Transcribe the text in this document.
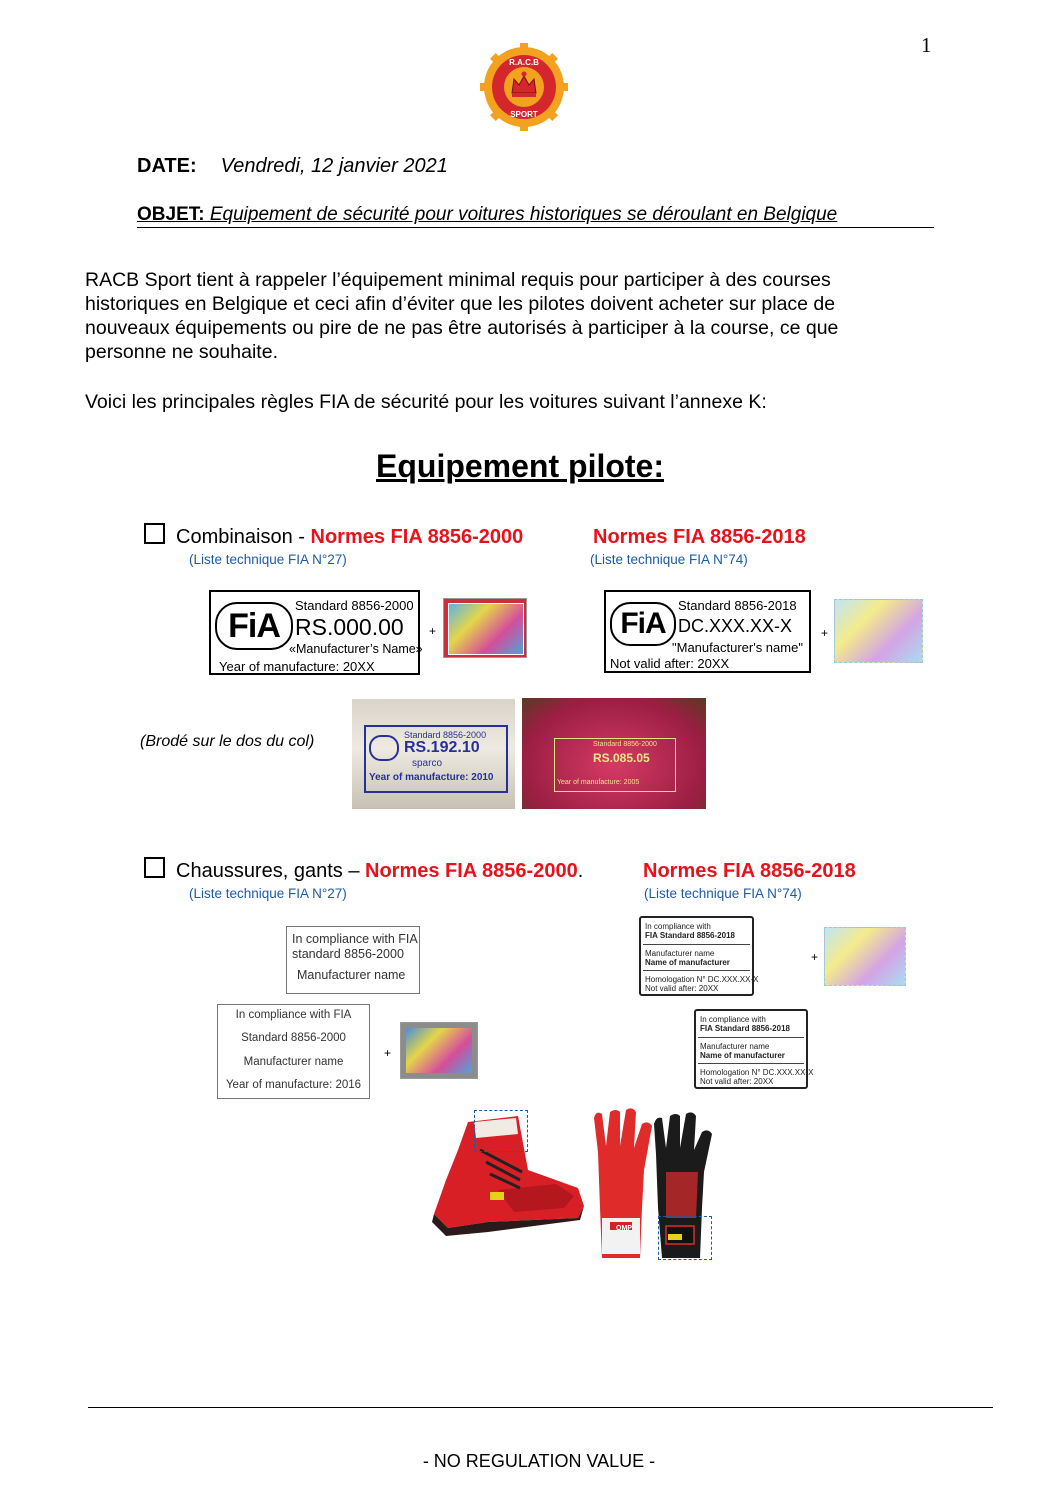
1
R.A.C.B
SPORT
DATE: Vendredi, 12 janvier 2021
OBJET: Equipement de sécurité pour voitures historiques se déroulant en Belgique
RACB Sport tient à rappeler l’équipement minimal requis pour participer à des courses
historiques en Belgique et ceci afin d’éviter que les pilotes doivent acheter sur place de
nouveaux équipements ou pire de ne pas être autorisés à participer à la course, ce que
personne ne souhaite.
Voici les principales règles FIA de sécurité pour les voitures suivant l’annexe K:
Equipement pilote:
Combinaison - Normes FIA 8856-2000	Normes FIA 8856-2018
(Liste technique FIA N°27)	(Liste technique FIA N°74)
FiA
Standard 8856-2000
RS.000.00
«Manufacturer’s Name»
Year of manufacture: 20XX
+	FiA
Standard 8856-2018
DC.XXX.XX-X
"Manufacturer's name"
Not valid after: 20XX
+
(Brodé sur le dos du col)	Standard 8856-2000
RS.192.10
sparco
Year of manufacture: 2010
Standard 8856-2000
RS.085.05
Year of manufacture: 2005
Chaussures, gants – Normes FIA 8856-2000.	Normes FIA 8856-2018
(Liste technique FIA N°27)	(Liste technique FIA N°74)
In compliance with FIA
standard 8856-2000
Manufacturer name
In compliance with FIA
Standard 8856-2000
Manufacturer name
Year of manufacture: 2016
+
In compliance with
FIA Standard 8856-2018
Manufacturer name
Name of manufacturer
Homologation N° DC.XXX.XX-X
Not valid after: 20XX
+
In compliance with
FIA Standard 8856-2018
Manufacturer name
Name of manufacturer
Homologation N° DC.XXX.XX-X
Not valid after: 20XX
OMP
- NO REGULATION VALUE -
